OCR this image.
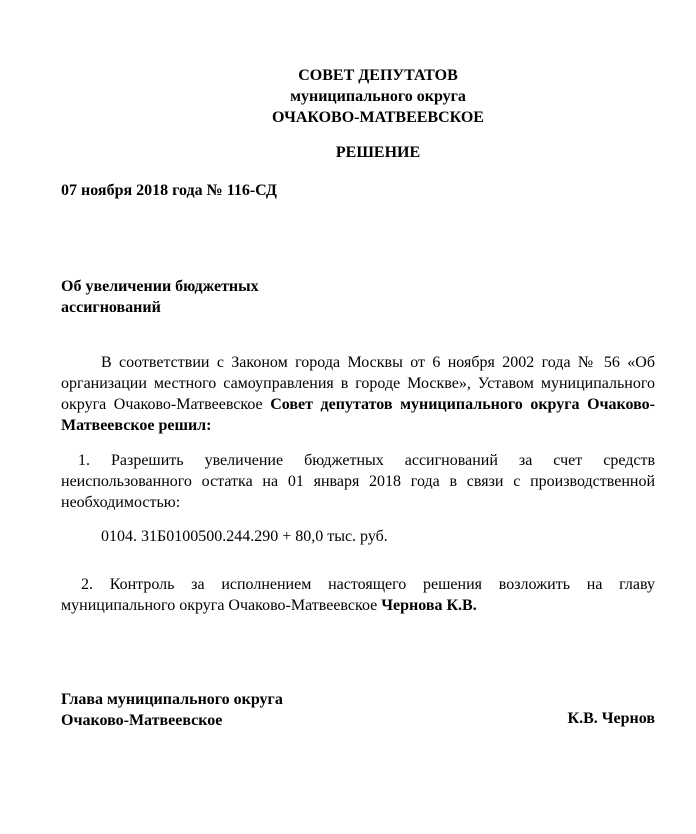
СОВЕТ ДЕПУТАТОВ
муниципального округа
ОЧАКОВО-МАТВЕЕВСКОЕ
РЕШЕНИЕ
07 ноября 2018 года № 116-СД
Об увеличении бюджетных
ассигнований
В соответствии с Законом города Москвы от 6 ноября 2002 года № 56 «Об организации местного самоуправления в городе Москве», Уставом муниципального округа Очаково-Матвеевское Совет депутатов муниципального округа Очаково-Матвеевское решил:
1. Разрешить увеличение бюджетных ассигнований за счет средств неиспользованного остатка на 01 января 2018 года в связи с производственной необходимостью:
0104. 31Б0100500.244.290 + 80,0 тыс. руб.
2. Контроль за исполнением настоящего решения возложить на главу муниципального округа Очаково-Матвеевское Чернова К.В.
Глава муниципального округа
Очаково-Матвеевское	К.В. Чернов
